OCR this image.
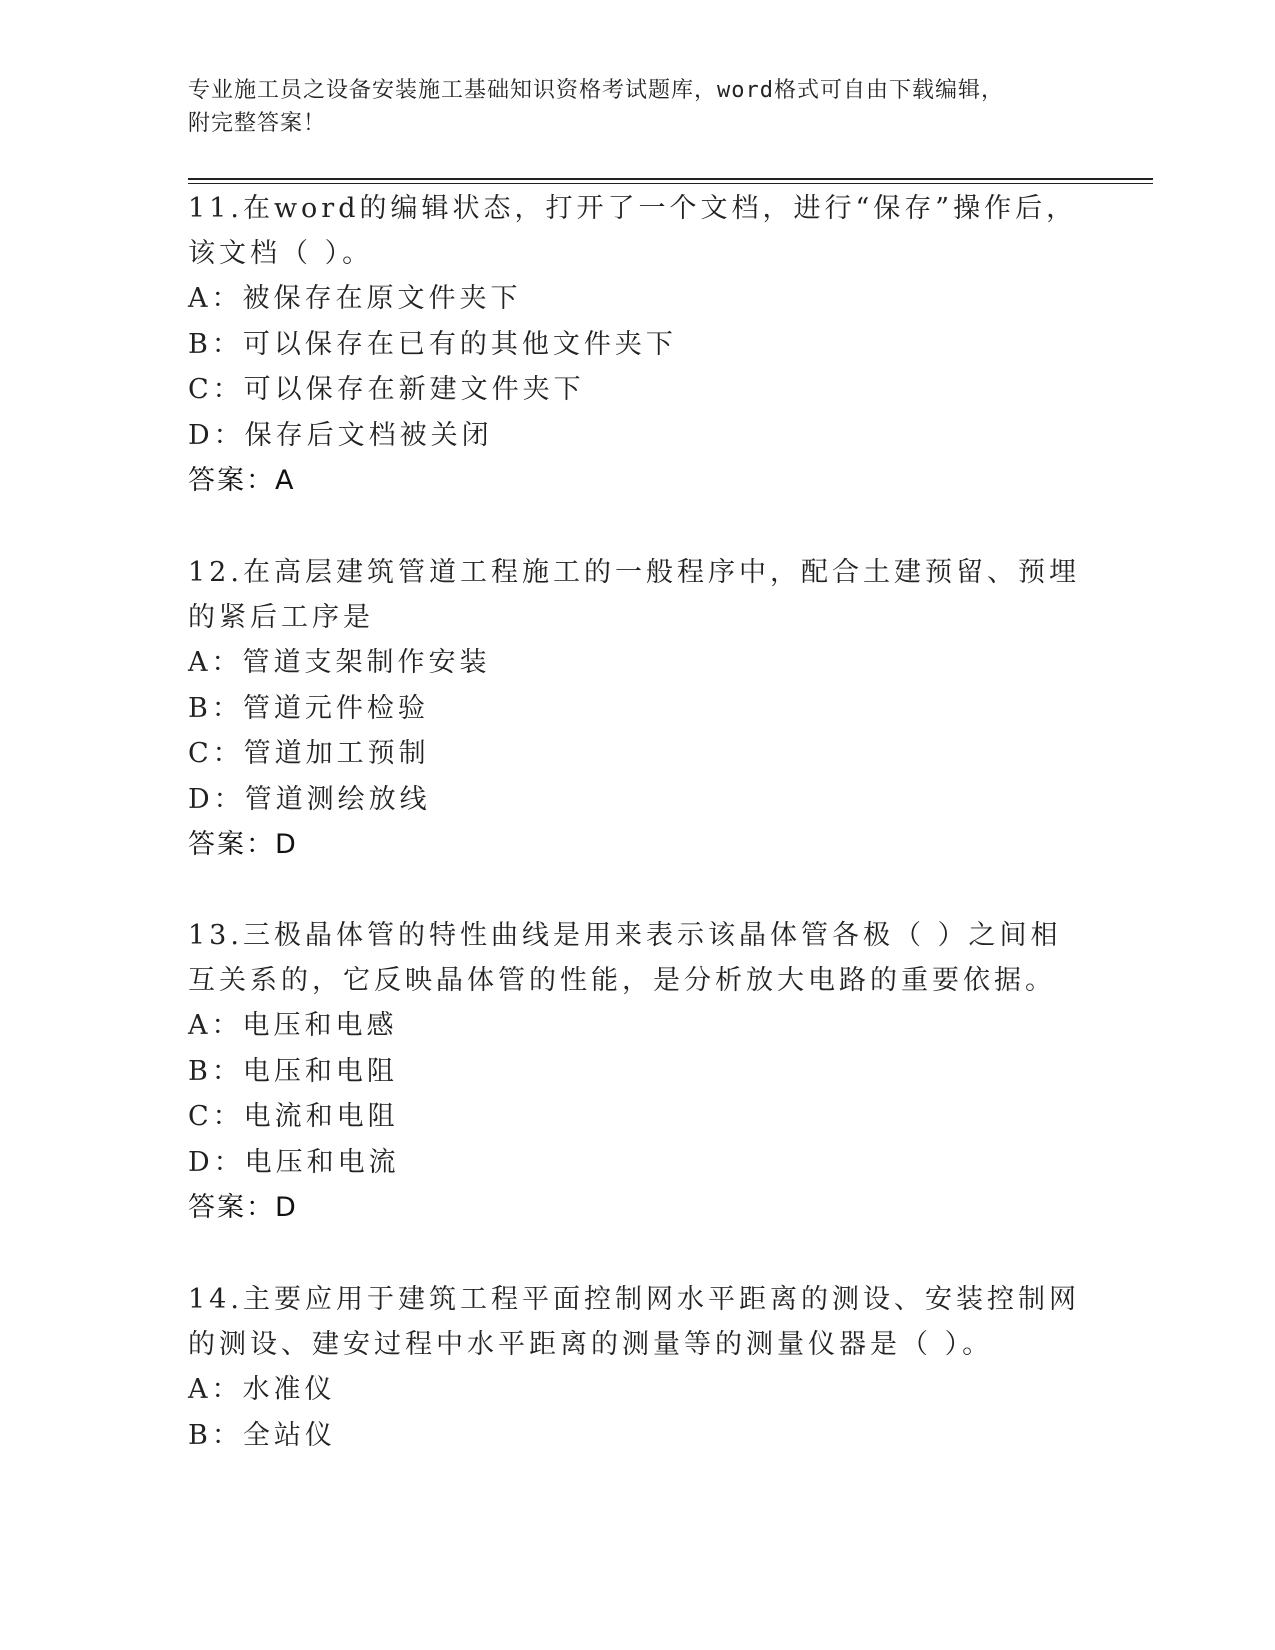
专业施工员之设备安装施工基础知识资格考试题库，word格式可自由下载编辑，
附完整答案！
11.在word的编辑状态，打开了一个文档，进行“保存”操作后，该文档（ ）。
A：被保存在原文件夹下
B：可以保存在已有的其他文件夹下
C：可以保存在新建文件夹下
D：保存后文档被关闭
答案：A
12.在高层建筑管道工程施工的一般程序中，配合土建预留、预埋的紧后工序是
A：管道支架制作安装
B：管道元件检验
C：管道加工预制
D：管道测绘放线
答案：D
13.三极晶体管的特性曲线是用来表示该晶体管各极（ ）之间相互关系的，它反映晶体管的性能，是分析放大电路的重要依据。
A：电压和电感
B：电压和电阻
C：电流和电阻
D：电压和电流
答案：D
14.主要应用于建筑工程平面控制网水平距离的测设、安装控制网的测设、建安过程中水平距离的测量等的测量仪器是（ ）。
A：水准仪
B：全站仪
